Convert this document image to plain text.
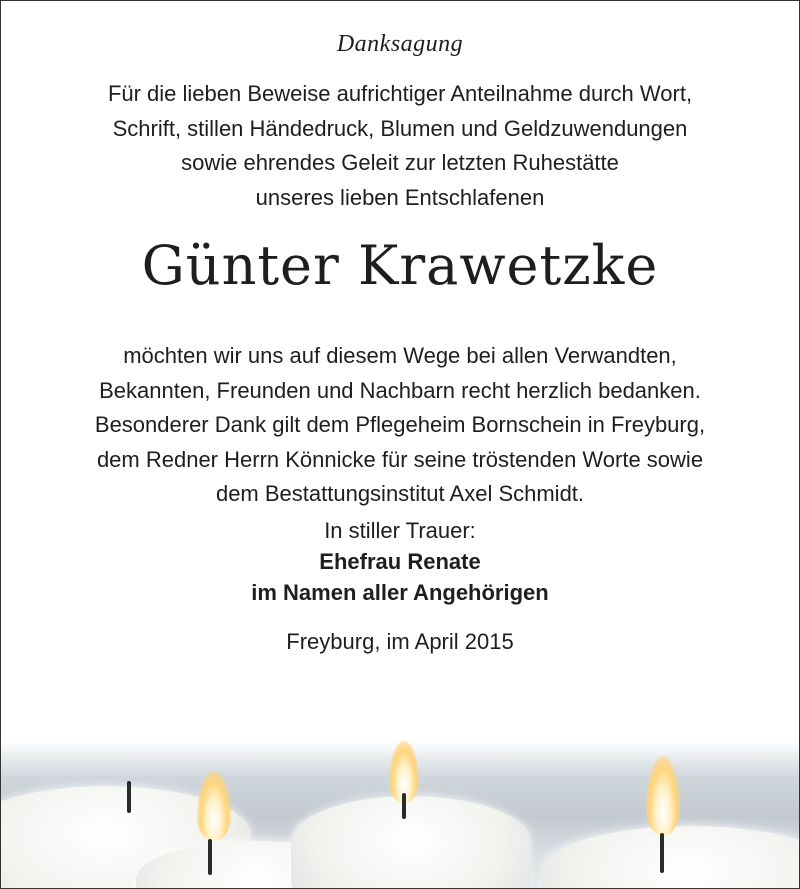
Danksagung
Für die lieben Beweise aufrichtiger Anteilnahme durch Wort,
Schrift, stillen Händedruck, Blumen und Geldzuwendungen
sowie ehrendes Geleit zur letzten Ruhestätte
unseres lieben Entschlafenen
Günter Krawetzke
möchten wir uns auf diesem Wege bei allen Verwandten,
Bekannten, Freunden und Nachbarn recht herzlich bedanken.
Besonderer Dank gilt dem Pflegeheim Bornschein in Freyburg,
dem Redner Herrn Könnicke für seine tröstenden Worte sowie
dem Bestattungsinstitut Axel Schmidt.
In stiller Trauer:
Ehefrau Renate
im Namen aller Angehörigen
Freyburg, im April 2015
